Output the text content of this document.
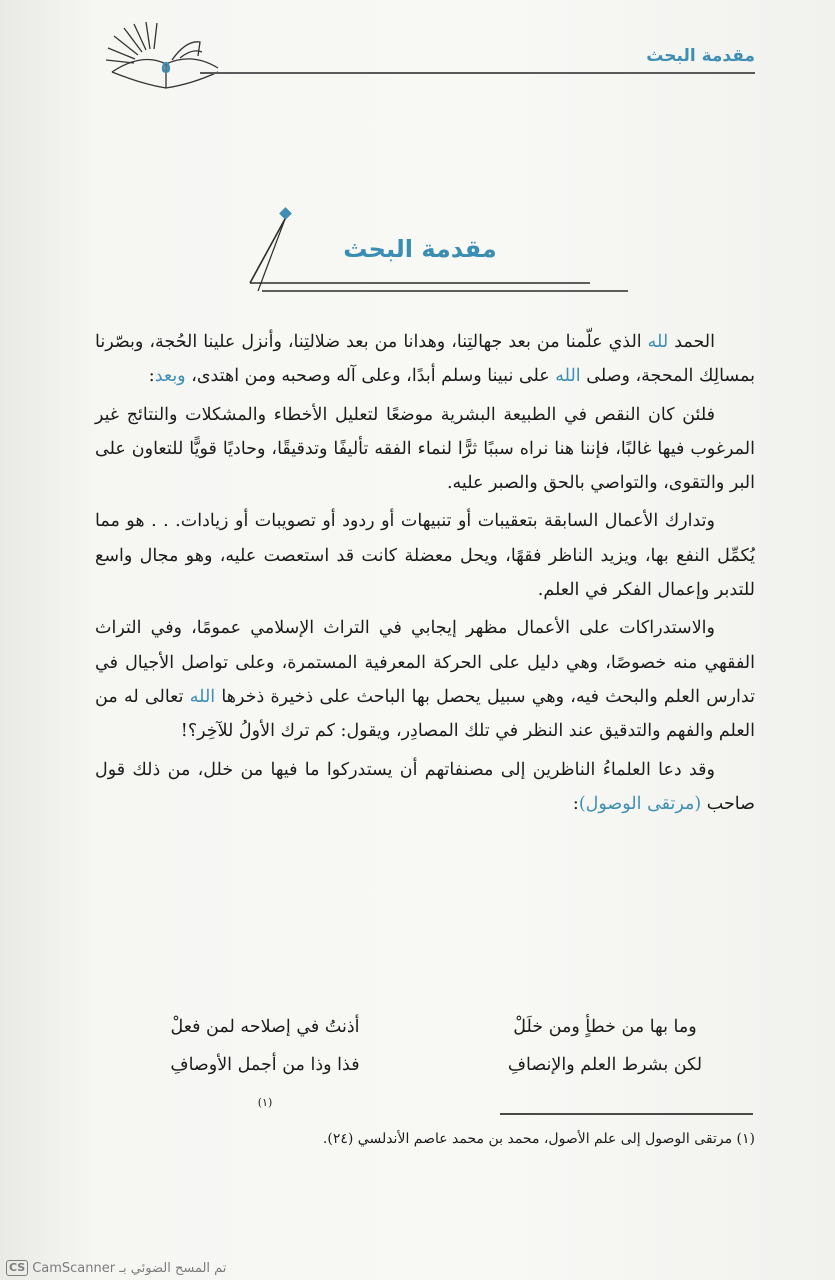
٥
مقدمة البحث
مقدمة البحث

الحمد لله الذي علّمنا من بعد جهالتِنا، وهدانا من بعد ضلالتِنا، وأنزل علينا الحُجة، وبصّرنا بمسالِك المحجة، وصلى الله على نبينا وسلم أبدًا، وعلى آله وصحبه ومن اهتدى، وبعد:

فلئن كان النقص في الطبيعة البشرية موضعًا لتعليل الأخطاء والمشكلات والنتائج غير المرغوب فيها غالبًا، فإننا هنا نراه سببًا ثرًّا لنماء الفقه تأليفًا وتدقيقًا، وحاديًا قويًّا للتعاون على البر والتقوى، والتواصي بالحق والصبر عليه.

وتدارك الأعمال السابقة بتعقيبات أو تنبيهات أو ردود أو تصويبات أو زيادات. . . هو مما يُكمِّل النفع بها، ويزيد الناظر فقهًا، ويحل معضلة كانت قد استعصت عليه، وهو مجال واسع للتدبر وإعمال الفكر في العلم.

والاستدراكات على الأعمال مظهر إيجابي في التراث الإسلامي عمومًا، وفي التراث الفقهي منه خصوصًا، وهي دليل على الحركة المعرفية المستمرة، وعلى تواصل الأجيال في تدارس العلم والبحث فيه، وهي سبيل يحصل بها الباحث على ذخيرة ذخرها الله تعالى له من العلم والفهم والتدقيق عند النظر في تلك المصادِر، ويقول: كم ترك الأولُ للآخِر؟!

وقد دعا العلماءُ الناظرين إلى مصنفاتهم أن يستدركوا ما فيها من خلل، من ذلك قول صاحب (مرتقى الوصول):

وما بها من خطأٍ ومن خلَلْ
أذنتُ في إصلاحه لمن فعلْ
لكن بشرط العلم والإنصافِ
فذا وذا من أجمل الأوصافِ(١)
(١) مرتقى الوصول إلى علم الأصول، محمد بن محمد عاصم الأندلسي (٢٤).
CS تم المسح الضوئي بـ CamScanner
